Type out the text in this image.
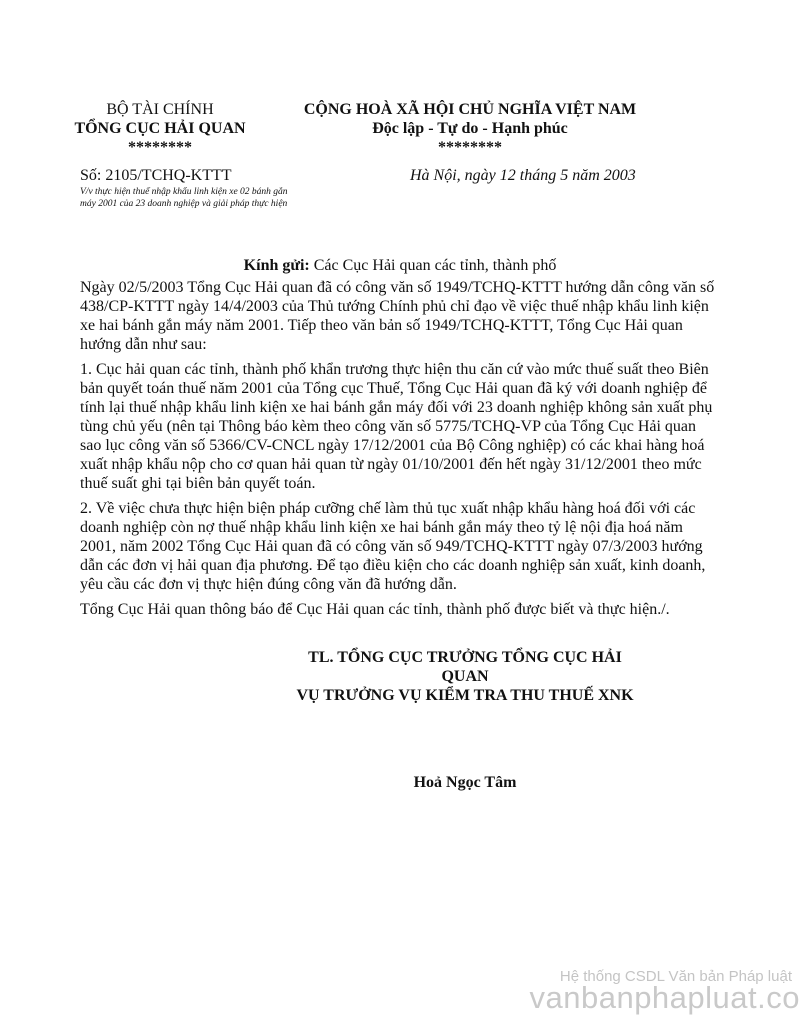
BỘ TÀI CHÍNH
TỔNG CỤC HẢI QUAN
********
CỘNG HOÀ XÃ HỘI CHỦ NGHĨA VIỆT NAM
Độc lập - Tự do - Hạnh phúc
********
Số: 2105/TCHQ-KTTT
V/v thực hiện thuế nhập khẩu linh kiện xe 02 bánh gắn máy 2001 của 23 doanh nghiệp và giải pháp thực hiện
Hà Nội, ngày 12 tháng 5 năm 2003
Kính gửi: Các Cục Hải quan các tỉnh, thành phố

Ngày 02/5/2003 Tổng Cục Hải quan đã có công văn số 1949/TCHQ-KTTT hướng dẫn công văn số 438/CP-KTTT ngày 14/4/2003 của Thủ tướng Chính phủ chỉ đạo về việc thuế nhập khẩu linh kiện xe hai bánh gắn máy năm 2001. Tiếp theo văn bản số 1949/TCHQ-KTTT, Tổng Cục Hải quan hướng dẫn như sau:

1. Cục hải quan các tỉnh, thành phố khẩn trương thực hiện thu căn cứ vào mức thuế suất theo Biên bản quyết toán thuế năm 2001 của Tổng cục Thuế, Tổng Cục Hải quan đã ký với doanh nghiệp để tính lại thuế nhập khẩu linh kiện xe hai bánh gắn máy đối với 23 doanh nghiệp không sản xuất phụ tùng chủ yếu (nên tại Thông báo kèm theo công văn số 5775/TCHQ-VP của Tổng Cục Hải quan sao lục công văn số 5366/CV-CNCL ngày 17/12/2001 của Bộ Công nghiệp) có các khai hàng hoá xuất nhập khẩu nộp cho cơ quan hải quan từ ngày 01/10/2001 đến hết ngày 31/12/2001 theo mức thuế suất ghi tại biên bản quyết toán.

2. Về việc chưa thực hiện biện pháp cưỡng chế làm thủ tục xuất nhập khẩu hàng hoá đối với các doanh nghiệp còn nợ thuế nhập khẩu linh kiện xe hai bánh gắn máy theo tỷ lệ nội địa hoá năm 2001, năm 2002 Tổng Cục Hải quan đã có công văn số 949/TCHQ-KTTT ngày 07/3/2003 hướng dẫn các đơn vị hải quan địa phương. Để tạo điều kiện cho các doanh nghiệp sản xuất, kinh doanh, yêu cầu các đơn vị thực hiện đúng công văn đã hướng dẫn.

Tổng Cục Hải quan thông báo để Cục Hải quan các tỉnh, thành phố được biết và thực hiện./.

TL. TỔNG CỤC TRƯỞNG TỔNG CỤC HẢI
QUAN
VỤ TRƯỞNG VỤ KIỂM TRA THU THUẾ XNK
Hoả Ngọc Tâm
Hệ thống CSDL Văn bản Pháp luật
vanbanphapluat.co
